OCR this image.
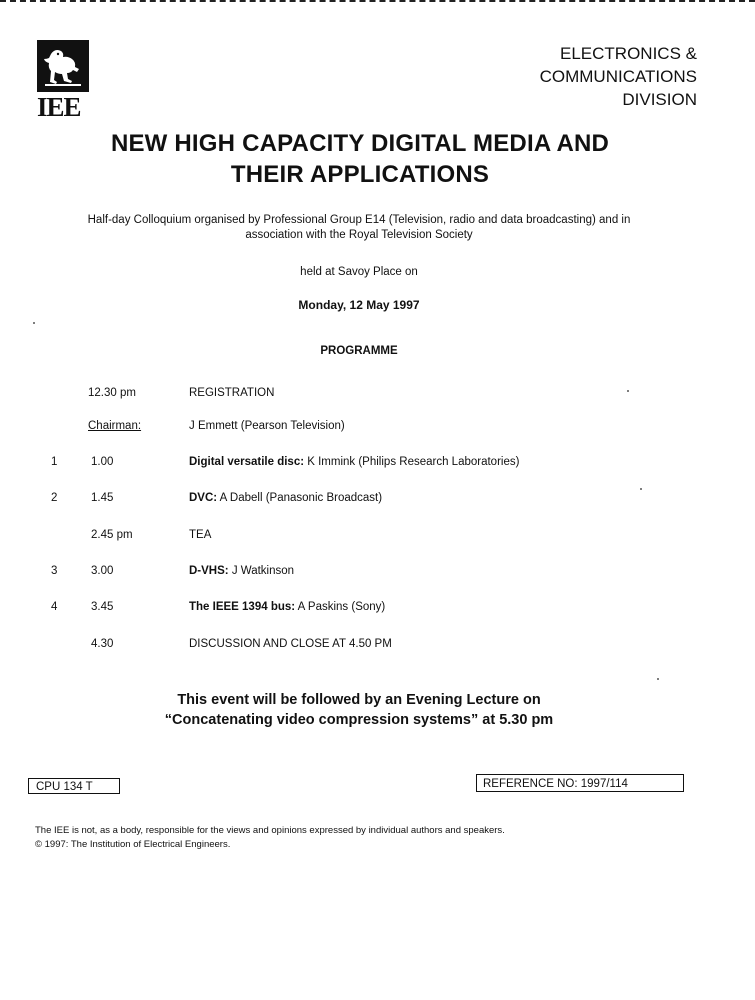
IEE
ELECTRONICS &
COMMUNICATIONS
DIVISION
NEW HIGH CAPACITY DIGITAL MEDIA AND
THEIR APPLICATIONS
Half-day Colloquium organised by Professional Group E14 (Television, radio and data broadcasting) and in
association with the Royal Television Society
held at Savoy Place on
Monday, 12 May 1997
PROGRAMME
12.30 pm	REGISTRATION
Chairman:	J Emmett (Pearson Television)
1	1.00	Digital versatile disc: K Immink (Philips Research Laboratories)
2	1.45	DVC: A Dabell (Panasonic Broadcast)
2.45 pm	TEA
3	3.00	D-VHS: J Watkinson
4	3.45	The IEEE 1394 bus: A Paskins (Sony)
4.30	DISCUSSION AND CLOSE AT 4.50 PM
This event will be followed by an Evening Lecture on
“Concatenating video compression systems” at 5.30 pm
CPU 134 T	REFERENCE NO: 1997/114
The IEE is not, as a body, responsible for the views and opinions expressed by individual authors and speakers.
© 1997: The Institution of Electrical Engineers.
